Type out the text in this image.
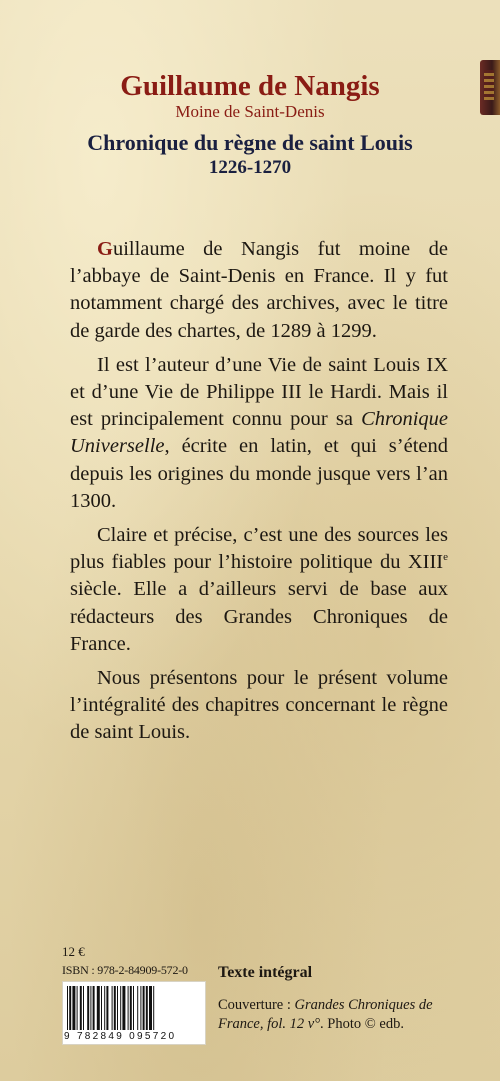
Guillaume de Nangis
Moine de Saint-Denis
Chronique du règne de saint Louis
1226-1270

Guillaume de Nangis fut moine de l’abbaye de Saint-Denis en France. Il y fut notamment chargé des archives, avec le titre de garde des chartes, de 1289 à 1299.

Il est l’auteur d’une Vie de saint Louis IX et d’une Vie de Philippe III le Hardi. Mais il est principalement connu pour sa Chronique Universelle, écrite en latin, et qui s’étend depuis les origines du monde jusque vers l’an 1300.

Claire et précise, c’est une des sources les plus fiables pour l’histoire politique du XIIIe siècle. Elle a d’ailleurs servi de base aux rédacteurs des Grandes Chroniques de France.

Nous présentons pour le présent volume l’intégralité des chapitres concernant le règne de saint Louis.

12 €
ISBN : 978-2-84909-572-0
9 782849 095720
Texte intégral
Couverture : Grandes Chroniques de France, fol. 12 v°. Photo © edb.
